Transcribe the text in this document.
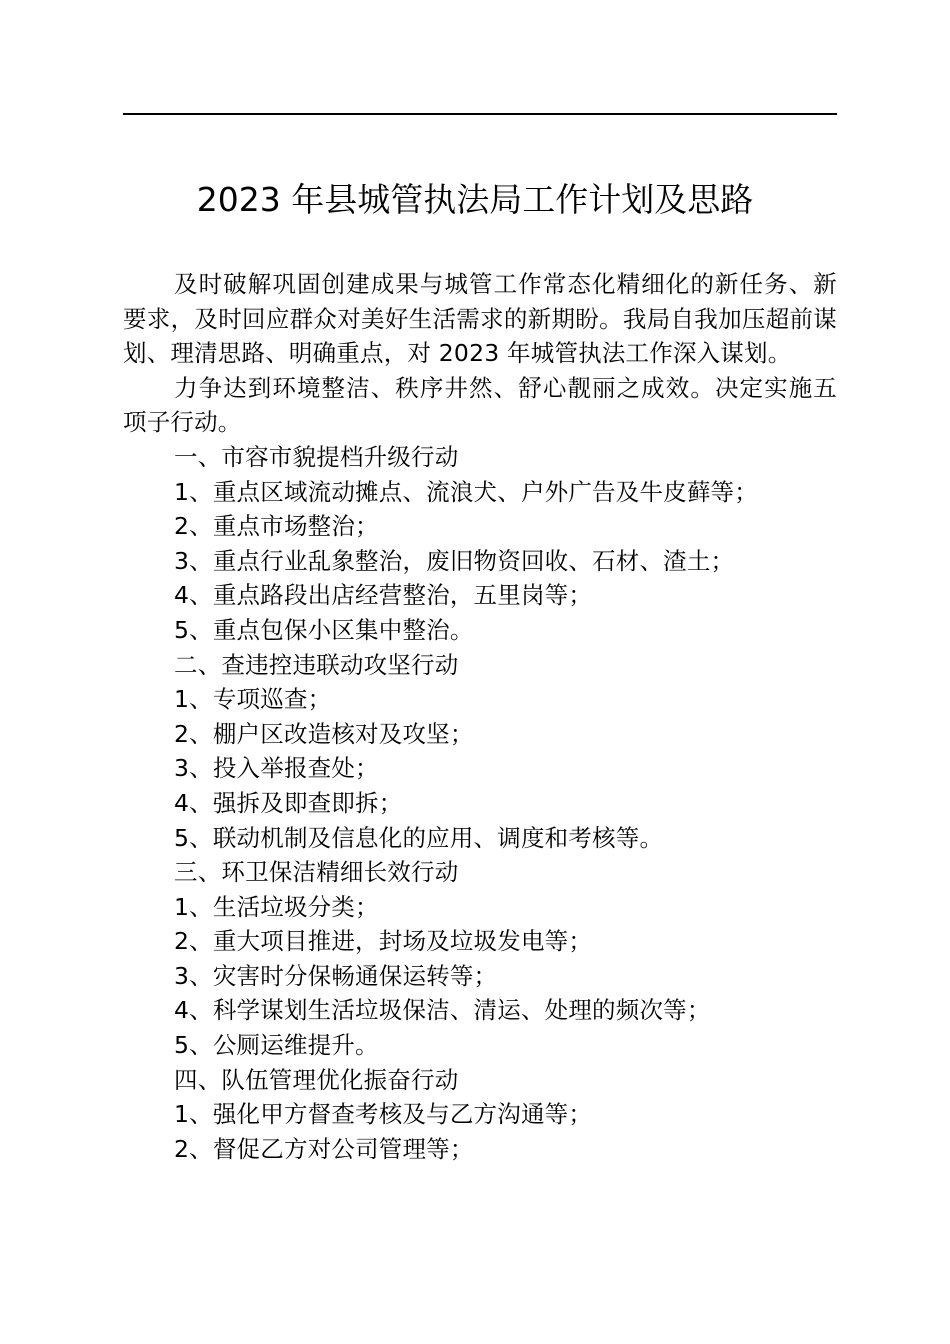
2023 年县城管执法局工作计划及思路

及时破解巩固创建成果与城管工作常态化精细化的新任务、新要求，及时回应群众对美好生活需求的新期盼。我局自我加压超前谋划、理清思路、明确重点，对 2023 年城管执法工作深入谋划。

力争达到环境整洁、秩序井然、舒心靓丽之成效。决定实施五项子行动。

一、市容市貌提档升级行动

1、重点区域流动摊点、流浪犬、户外广告及牛皮藓等；

2、重点市场整治；

3、重点行业乱象整治，废旧物资回收、石材、渣土；

4、重点路段出店经营整治，五里岗等；

5、重点包保小区集中整治。

二、查违控违联动攻坚行动

1、专项巡查；

2、棚户区改造核对及攻坚；

3、投入举报查处；

4、强拆及即查即拆；

5、联动机制及信息化的应用、调度和考核等。

三、环卫保洁精细长效行动

1、生活垃圾分类；

2、重大项目推进，封场及垃圾发电等；

3、灾害时分保畅通保运转等；

4、科学谋划生活垃圾保洁、清运、处理的频次等；

5、公厕运维提升。

四、队伍管理优化振奋行动

1、强化甲方督查考核及与乙方沟通等；

2、督促乙方对公司管理等；
